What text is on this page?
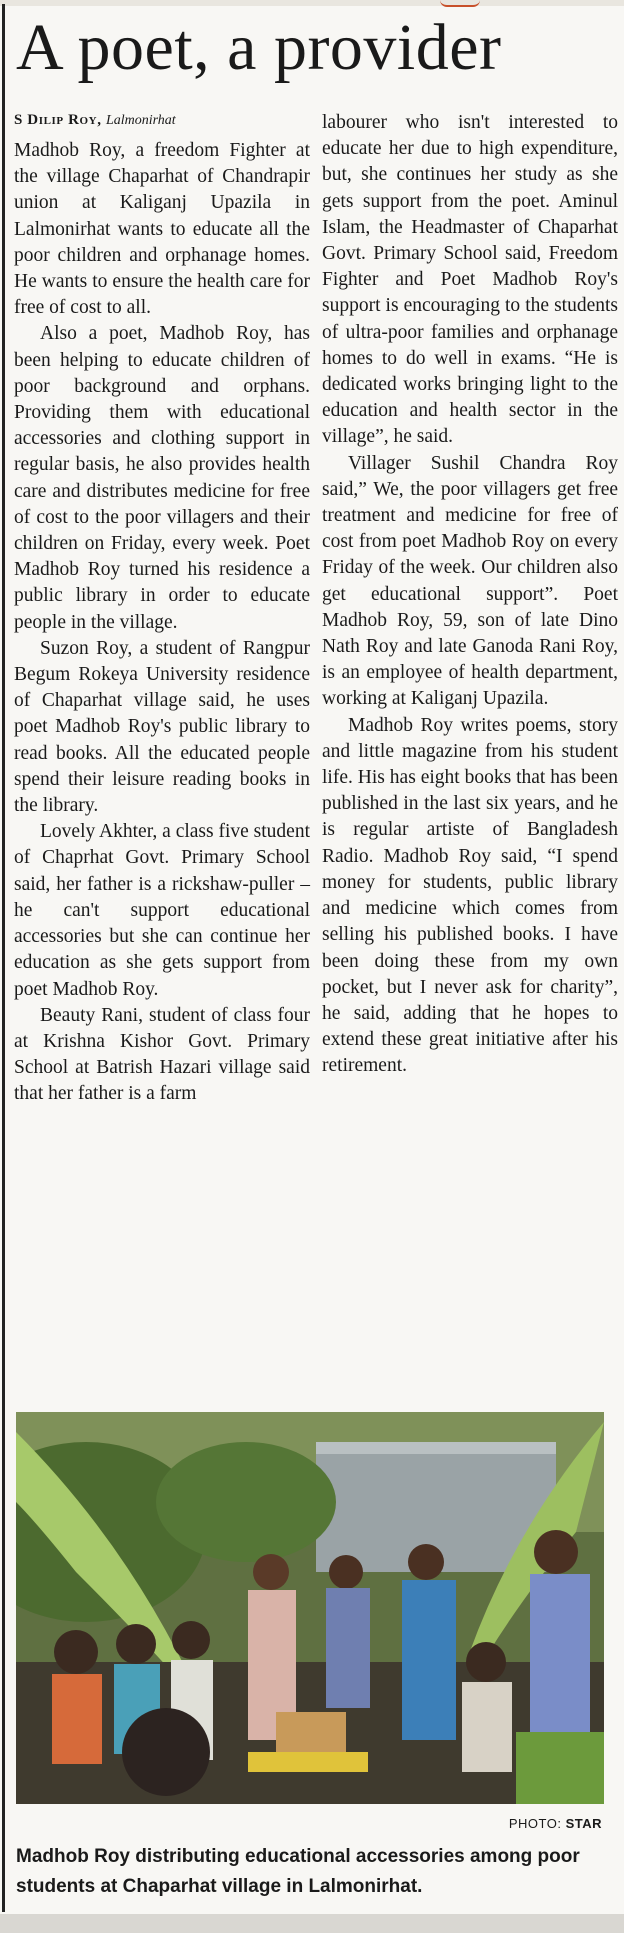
A poet, a provider
S Dilip Roy, Lalmonirhat

Madhob Roy, a freedom Fighter at the village Chaparhat of Chandrapir union at Kaliganj Upazila in Lalmonirhat wants to educate all the poor children and orphanage homes. He wants to ensure the health care for free of cost to all.

Also a poet, Madhob Roy, has been helping to educate children of poor background and orphans. Providing them with educational accessories and clothing support in regular basis, he also provides health care and distributes medicine for free of cost to the poor villagers and their children on Friday, every week. Poet Madhob Roy turned his residence a public library in order to educate people in the village.

Suzon Roy, a student of Rangpur Begum Rokeya University residence of Chaparhat village said, he uses poet Madhob Roy's public library to read books. All the educated people spend their leisure reading books in the library.

Lovely Akhter, a class five student of Chaprhat Govt. Primary School said, her father is a rickshaw-puller – he can't support educational accessories but she can continue her education as she gets support from poet Madhob Roy.

Beauty Rani, student of class four at Krishna Kishor Govt. Primary School at Batrish Hazari village said that her father is a farm

labourer who isn't interested to educate her due to high expenditure, but, she continues her study as she gets support from the poet. Aminul Islam, the Headmaster of Chaparhat Govt. Primary School said, Freedom Fighter and Poet Madhob Roy's support is encouraging to the students of ultra-poor families and orphanage homes to do well in exams. “He is dedicated works bringing light to the education and health sector in the village”, he said.

Villager Sushil Chandra Roy said,” We, the poor villagers get free treatment and medicine for free of cost from poet Madhob Roy on every Friday of the week. Our children also get educational support”. Poet Madhob Roy, 59, son of late Dino Nath Roy and late Ganoda Rani Roy, is an employee of health department, working at Kaliganj Upazila.

Madhob Roy writes poems, story and little magazine from his student life. His has eight books that has been published in the last six years, and he is regular artiste of Bangladesh Radio. Madhob Roy said, “I spend money for students, public library and medicine which comes from selling his published books. I have been doing these from my own pocket, but I never ask for charity”, he said, adding that he hopes to extend these great initiative after his retirement.

PHOTO: STAR

Madhob Roy distributing educational accessories among poor students at Chaparhat village in Lalmonirhat.
